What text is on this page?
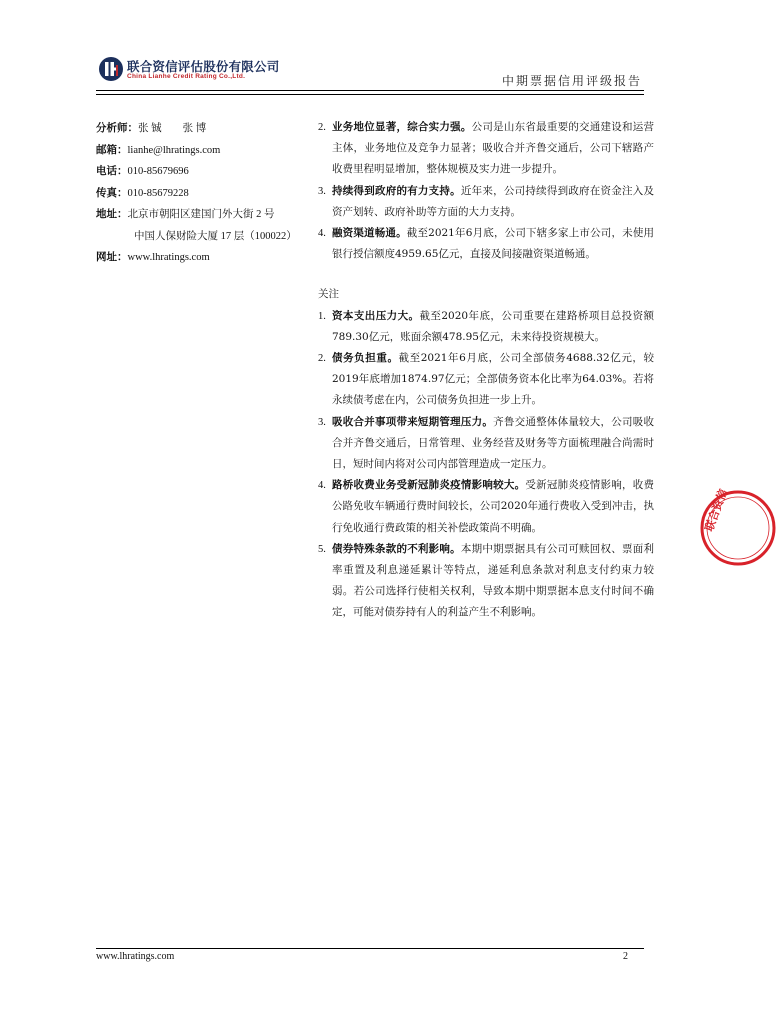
联合资信评估股份有限公司
China Lianhe Credit Rating Co.,Ltd.	中期票据信用评级报告
分析师：张 铖　　张 博
邮箱：lianhe@lhratings.com
电话：010-85679696
传真：010-85679228
地址：北京市朝阳区建国门外大街 2 号
中国人保财险大厦 17 层（100022）
网址：www.lhratings.com
2. 业务地位显著，综合实力强。公司是山东省最重要的交通建设和运营主体，业务地位及竞争力显著；吸收合并齐鲁交通后，公司下辖路产收费里程明显增加，整体规模及实力进一步提升。
3. 持续得到政府的有力支持。近年来，公司持续得到政府在资金注入及资产划转、政府补助等方面的大力支持。
4. 融资渠道畅通。截至2021年6月底，公司下辖多家上市公司，未使用银行授信额度4959.65亿元，直接及间接融资渠道畅通。
关注
1. 资本支出压力大。截至2020年底，公司重要在建路桥项目总投资额789.30亿元，账面余额478.95亿元，未来待投资规模大。
2. 债务负担重。截至2021年6月底，公司全部债务4688.32亿元，较2019年底增加1874.97亿元；全部债务资本化比率为64.03%。若将永续债考虑在内，公司债务负担进一步上升。
3. 吸收合并事项带来短期管理压力。齐鲁交通整体体量较大，公司吸收合并齐鲁交通后，日常管理、业务经营及财务等方面梳理融合尚需时日，短时间内将对公司内部管理造成一定压力。
4. 路桥收费业务受新冠肺炎疫情影响较大。受新冠肺炎疫情影响，收费公路免收车辆通行费时间较长，公司2020年通行费收入受到冲击，执行免收通行费政策的相关补偿政策尚不明确。
5. 债券特殊条款的不利影响。本期中期票据具有公司可赎回权、票面利率重置及利息递延累计等特点，递延利息条款对利息支付约束力较弱。若公司选择行使相关权利，导致本期中期票据本息支付时间不确定，可能对债券持有人的利益产生不利影响。
联合资信
www.lhratings.com	2
